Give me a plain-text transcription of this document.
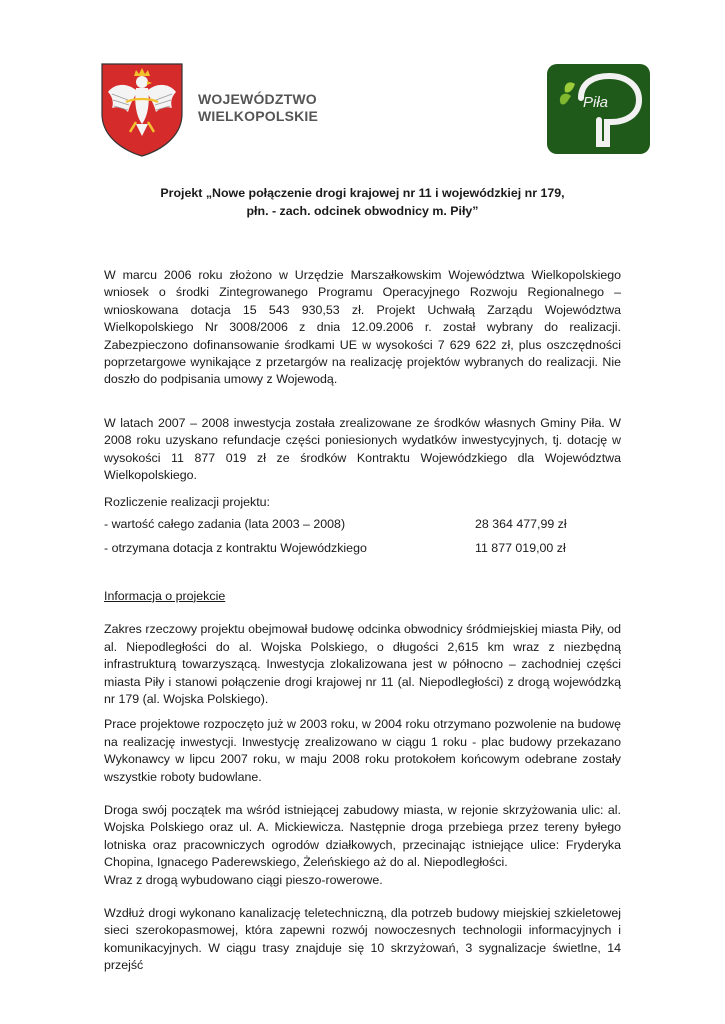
WOJEWÓDZTWO
WIELKOPOLSKIE
Piła
Projekt „Nowe połączenie drogi krajowej nr 11 i wojewódzkiej nr 179,
płn. - zach. odcinek obwodnicy m. Piły”

W marcu 2006 roku złożono w Urzędzie Marszałkowskim Województwa Wielkopolskiego wniosek o środki Zintegrowanego Programu Operacyjnego Rozwoju Regionalnego – wnioskowana dotacja 15 543 930,53 zł. Projekt Uchwałą Zarządu Województwa Wielkopolskiego Nr 3008/2006 z dnia 12.09.2006 r. został wybrany do realizacji. Zabezpieczono dofinansowanie środkami UE w wysokości 7 629 622 zł, plus oszczędności poprzetargowe wynikające z przetargów na realizację projektów wybranych do realizacji. Nie doszło do podpisania umowy z Wojewodą.

W latach 2007 – 2008 inwestycja została zrealizowane ze środków własnych Gminy Piła. W 2008 roku uzyskano refundacje części poniesionych wydatków inwestycyjnych, tj. dotację w wysokości 11 877 019 zł ze środków Kontraktu Wojewódzkiego dla Województwa Wielkopolskiego.

Rozliczenie realizacji projektu:

- wartość całego zadania (lata 2003 – 2008)	28 364 477,99 zł
- otrzymana dotacja z kontraktu Wojewódzkiego	11 877 019,00 zł

Informacja o projekcie

Zakres rzeczowy projektu obejmował budowę odcinka obwodnicy śródmiejskiej miasta Piły, od al. Niepodległości do al. Wojska Polskiego, o długości 2,615 km wraz z niezbędną infrastrukturą towarzyszącą. Inwestycja zlokalizowana jest w północno – zachodniej części miasta Piły i stanowi połączenie drogi krajowej nr 11 (al. Niepodległości) z drogą wojewódzką nr 179 (al. Wojska Polskiego).

Prace projektowe rozpoczęto już w 2003 roku, w 2004 roku otrzymano pozwolenie na budowę na realizację inwestycji. Inwestycję zrealizowano w ciągu 1 roku - plac budowy przekazano Wykonawcy w lipcu 2007 roku, w maju 2008 roku protokołem końcowym odebrane zostały wszystkie roboty budowlane.

Droga swój początek ma wśród istniejącej zabudowy miasta, w rejonie skrzyżowania ulic: al. Wojska Polskiego oraz ul. A. Mickiewicza. Następnie droga przebiega przez tereny byłego lotniska oraz pracowniczych ogrodów działkowych, przecinając istniejące ulice: Fryderyka Chopina, Ignacego Paderewskiego, Żeleńskiego aż do al. Niepodległości.
Wraz z drogą wybudowano ciągi pieszo-rowerowe.

Wzdłuż drogi wykonano kanalizację teletechniczną, dla potrzeb budowy miejskiej szkieletowej sieci szerokopasmowej, która zapewni rozwój nowoczesnych technologii informacyjnych i komunikacyjnych. W ciągu trasy znajduje się 10 skrzyżowań, 3 sygnalizacje świetlne, 14 przejść
